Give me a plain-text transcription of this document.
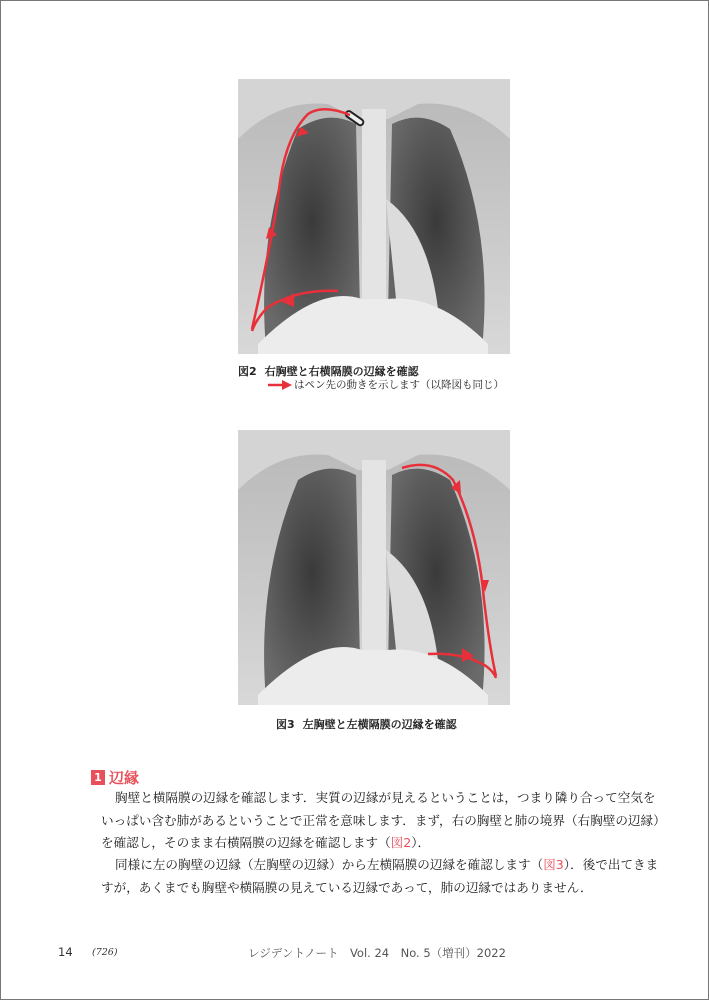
図2 右胸壁と右横隔膜の辺縁を確認
はペン先の動きを示します（以降図も同じ）
図3 左胸壁と左横隔膜の辺縁を確認
1 辺縁
胸壁と横隔膜の辺縁を確認します．実質の辺縁が見えるということは，つまり隣り合って空気をいっぱい含む肺があるということで正常を意味します．まず，右の胸壁と肺の境界（右胸壁の辺縁）を確認し，そのまま右横隔膜の辺縁を確認します（図2）．
同様に左の胸壁の辺縁（左胸壁の辺縁）から左横隔膜の辺縁を確認します（図3）．後で出てきますが，あくまでも胸壁や横隔膜の見えている辺縁であって，肺の辺縁ではありません．
14 (726)	レジデントノート　Vol. 24　No. 5（増刊）2022
